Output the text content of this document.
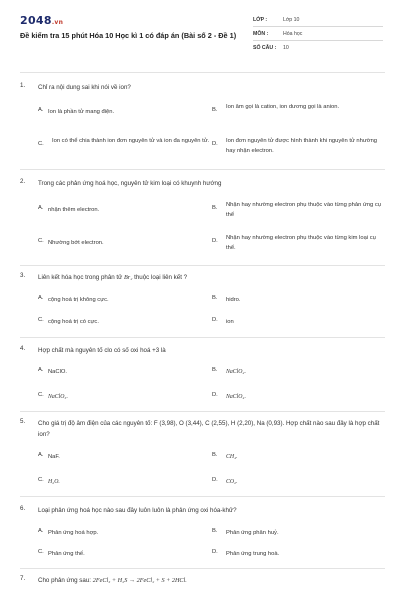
2048.vn
Đề kiểm tra 15 phút Hóa 10 Học kì 1 có đáp án (Bài số 2 - Đề 1)
LỚP :	Lớp 10
MÔN :	Hóa học
SỐ CÂU : 10
1. Chỉ ra nội dung sai khi nói về ion?
A. Ion là phần tử mang điện.	B. Ion âm gọi là cation, ion dương gọi là anion.
C. Ion có thể chia thành ion đơn nguyên tử và ion đa nguyên tử. D. Ion đơn nguyên tử được hình thành khi nguyên tử nhường hay nhận electron.
2. Trong các phản ứng hoá học, nguyên tử kim loại có khuynh hướng
A. nhận thêm electron.	B. Nhận hay nhường electron phụ thuộc vào từng phản ứng cụ thể
C. Nhường bớt electron.	D. Nhận hay nhường electron phụ thuộc vào từng kim loại cụ thể.
3. Liên kết hóa học trong phân tử Br₂ thuộc loại liên kết ?
A. cộng hoá trị không cực.	B. hidro.
C. cộng hoá trị có cực.	D. ion
4. Hợp chất mà nguyên tố clo có số oxi hoá +3 là
A. NaClO.	B. NaClO₂.
C. NaClO₃.	D. NaClO₄.
5. Cho giá trị độ âm điện của các nguyên tố: F (3,98), O (3,44), C (2,55), H (2,20), Na (0,93). Hợp chất nào sau đây là hợp chất ion?
A. NaF.	B. CH₄.
C. H₂O.	D. CO₂.
6. Loại phản ứng hoá học nào sau đây luôn luôn là phản ứng oxi hóa-khử?
A. Phản ứng hoá hợp.	B. Phản ứng phân huỷ.
C. Phản ứng thế.	D. Phản ứng trung hoà.
7. Cho phản ứng sau: 2FeCl₃ + H₂S → 2FeCl₂ + S + 2HCl.
